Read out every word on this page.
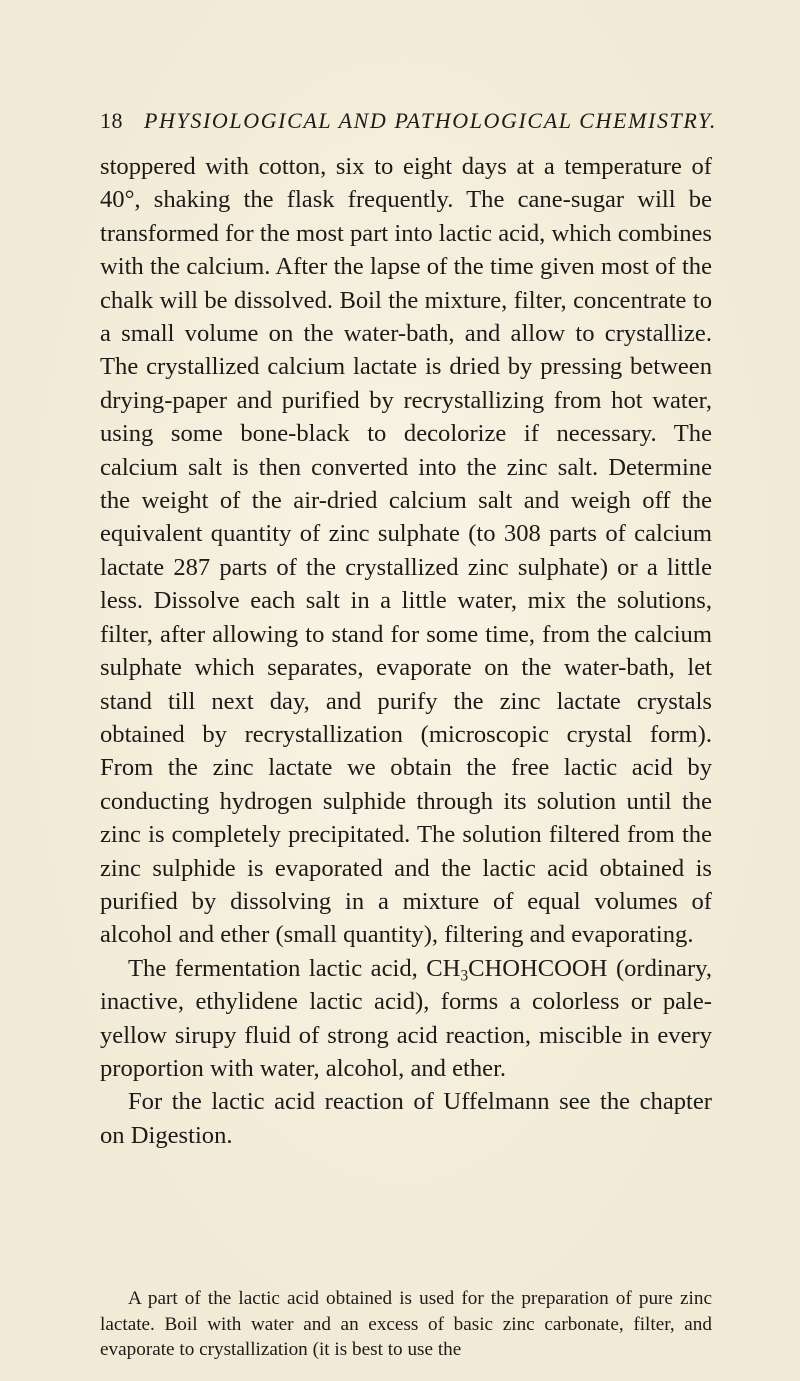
18 PHYSIOLOGICAL AND PATHOLOGICAL CHEMISTRY.

stoppered with cotton, six to eight days at a temperature of 40°, shaking the flask frequently. The cane-sugar will be transformed for the most part into lactic acid, which combines with the calcium. After the lapse of the time given most of the chalk will be dissolved. Boil the mixture, filter, concentrate to a small volume on the water-bath, and allow to crystallize. The crystallized calcium lactate is dried by pressing between drying-paper and purified by recrystallizing from hot water, using some bone-black to decolorize if necessary. The calcium salt is then converted into the zinc salt. Determine the weight of the air-dried calcium salt and weigh off the equivalent quantity of zinc sulphate (to 308 parts of calcium lactate 287 parts of the crystallized zinc sulphate) or a little less. Dissolve each salt in a little water, mix the solutions, filter, after allowing to stand for some time, from the calcium sulphate which separates, evaporate on the water-bath, let stand till next day, and purify the zinc lactate crystals obtained by recrystallization (microscopic crystal form). From the zinc lactate we obtain the free lactic acid by conducting hydrogen sulphide through its solution until the zinc is completely precipitated. The solution filtered from the zinc sulphide is evaporated and the lactic acid obtained is purified by dissolving in a mixture of equal volumes of alcohol and ether (small quantity), filtering and evaporating.

The fermentation lactic acid, $CH_3CHOHCOOH$ (ordinary, inactive, ethylidene lactic acid), forms a colorless or pale-yellow sirupy fluid of strong acid reaction, miscible in every proportion with water, alcohol, and ether.

For the lactic acid reaction of Uffelmann see the chapter on Digestion.

A part of the lactic acid obtained is used for the preparation of pure zinc lactate. Boil with water and an excess of basic zinc carbonate, filter, and evaporate to crystallization (it is best to use the
